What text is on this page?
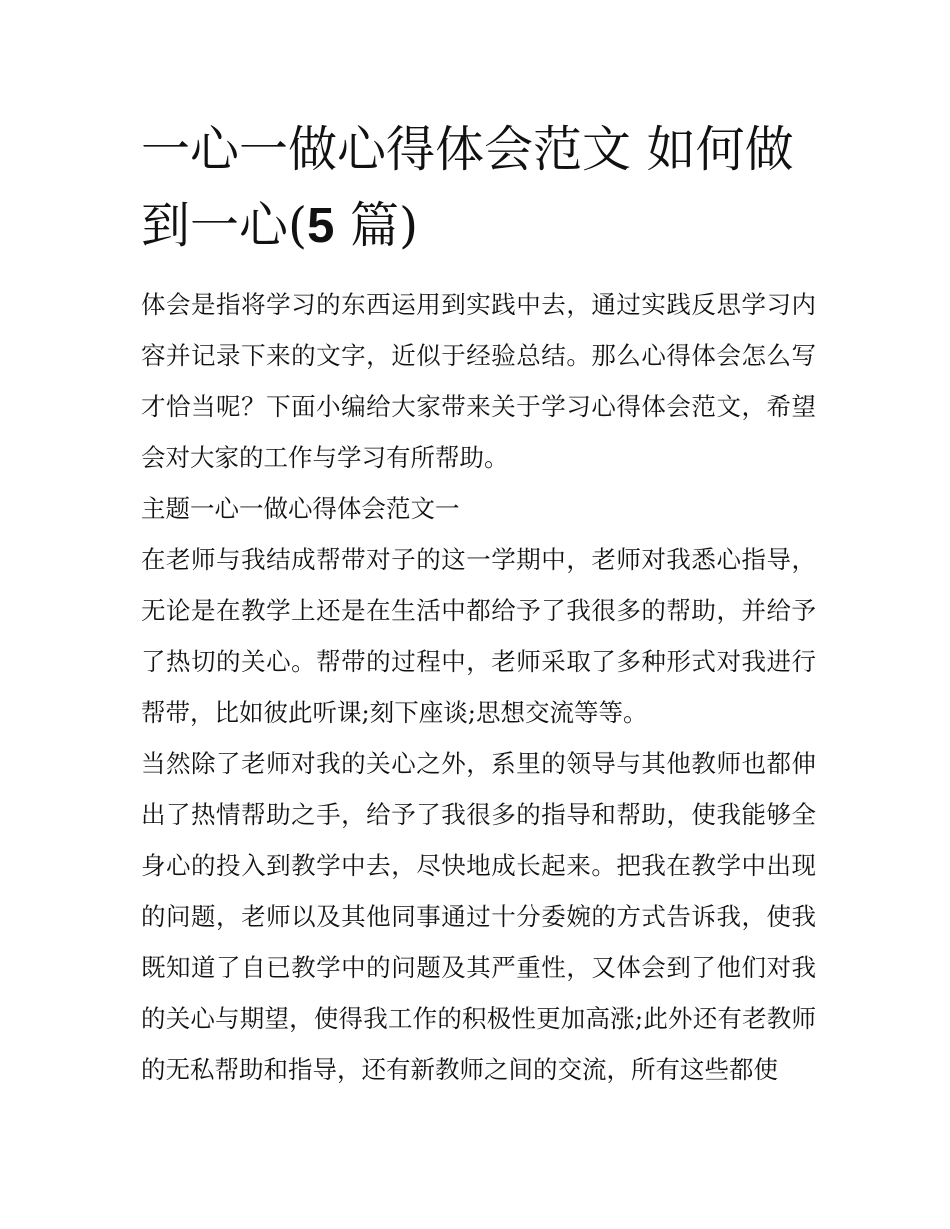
一心一做心得体会范文 如何做到一心(5 篇)

体会是指将学习的东西运用到实践中去，通过实践反思学习内容并记录下来的文字，近似于经验总结。那么心得体会怎么写才恰当呢？下面小编给大家带来关于学习心得体会范文，希望会对大家的工作与学习有所帮助。

主题一心一做心得体会范文一

在老师与我结成帮带对子的这一学期中，老师对我悉心指导，无论是在教学上还是在生活中都给予了我很多的帮助，并给予了热切的关心。帮带的过程中，老师采取了多种形式对我进行帮带，比如彼此听课;刻下座谈;思想交流等等。

当然除了老师对我的关心之外，系里的领导与其他教师也都伸出了热情帮助之手，给予了我很多的指导和帮助，使我能够全身心的投入到教学中去，尽快地成长起来。把我在教学中出现的问题，老师以及其他同事通过十分委婉的方式告诉我，使我既知道了自已教学中的问题及其严重性，又体会到了他们对我的关心与期望，使得我工作的积极性更加高涨;此外还有老教师的无私帮助和指导，还有新教师之间的交流，所有这些都使
